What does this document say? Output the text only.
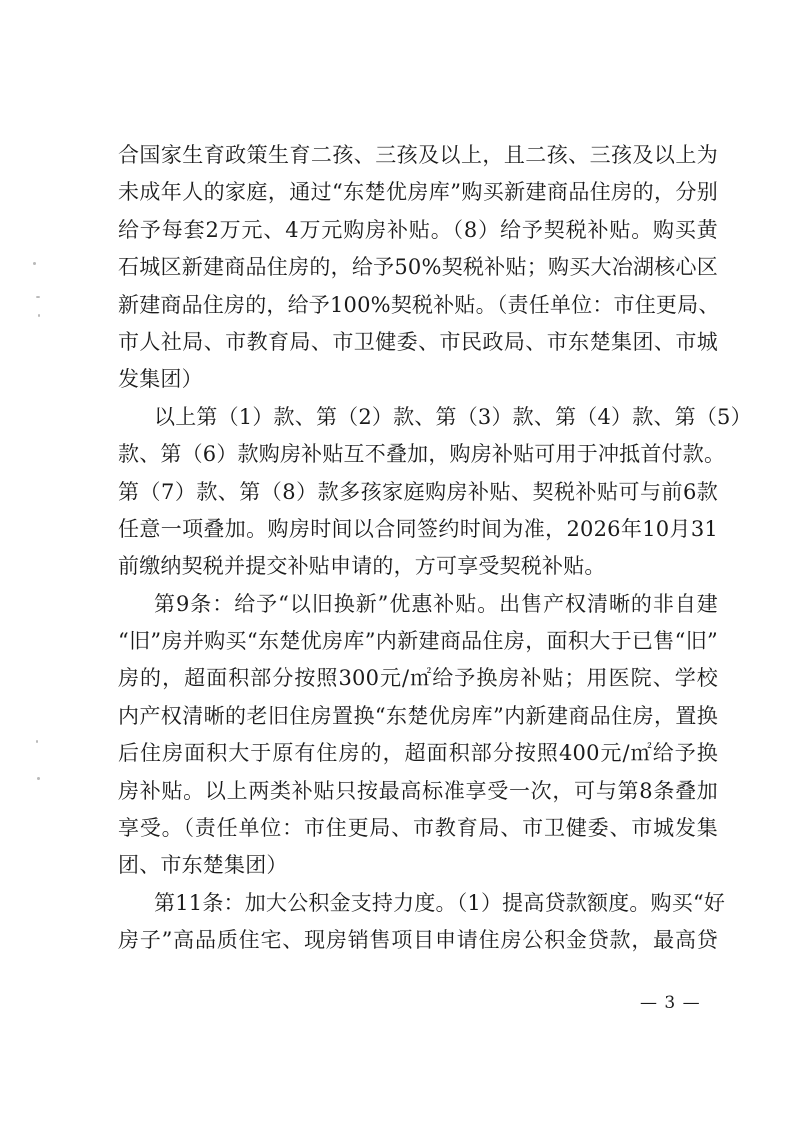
合国家生育政策生育二孩、三孩及以上，且二孩、三孩及以上为
未成年人的家庭，通过“东楚优房库”购买新建商品住房的，分别
给予每套2万元、4万元购房补贴。（8）给予契税补贴。购买黄
石城区新建商品住房的，给予50%契税补贴；购买大冶湖核心区
新建商品住房的，给予100%契税补贴。（责任单位：市住更局、
市人社局、市教育局、市卫健委、市民政局、市东楚集团、市城
发集团）
以上第（1）款、第（2）款、第（3）款、第（4）款、第（5）
款、第（6）款购房补贴互不叠加，购房补贴可用于冲抵首付款。
第（7）款、第（8）款多孩家庭购房补贴、契税补贴可与前6款
任意一项叠加。购房时间以合同签约时间为准，2026年10月31
前缴纳契税并提交补贴申请的，方可享受契税补贴。
第9条：给予“以旧换新”优惠补贴。出售产权清晰的非自建
“旧”房并购买“东楚优房库”内新建商品住房，面积大于已售“旧”
房的，超面积部分按照300元/㎡给予换房补贴；用医院、学校
内产权清晰的老旧住房置换“东楚优房库”内新建商品住房，置换
后住房面积大于原有住房的，超面积部分按照400元/㎡给予换
房补贴。以上两类补贴只按最高标准享受一次，可与第8条叠加
享受。（责任单位：市住更局、市教育局、市卫健委、市城发集
团、市东楚集团）
第11条：加大公积金支持力度。（1）提高贷款额度。购买“好
房子”高品质住宅、现房销售项目申请住房公积金贷款，最高贷
— 3 —
